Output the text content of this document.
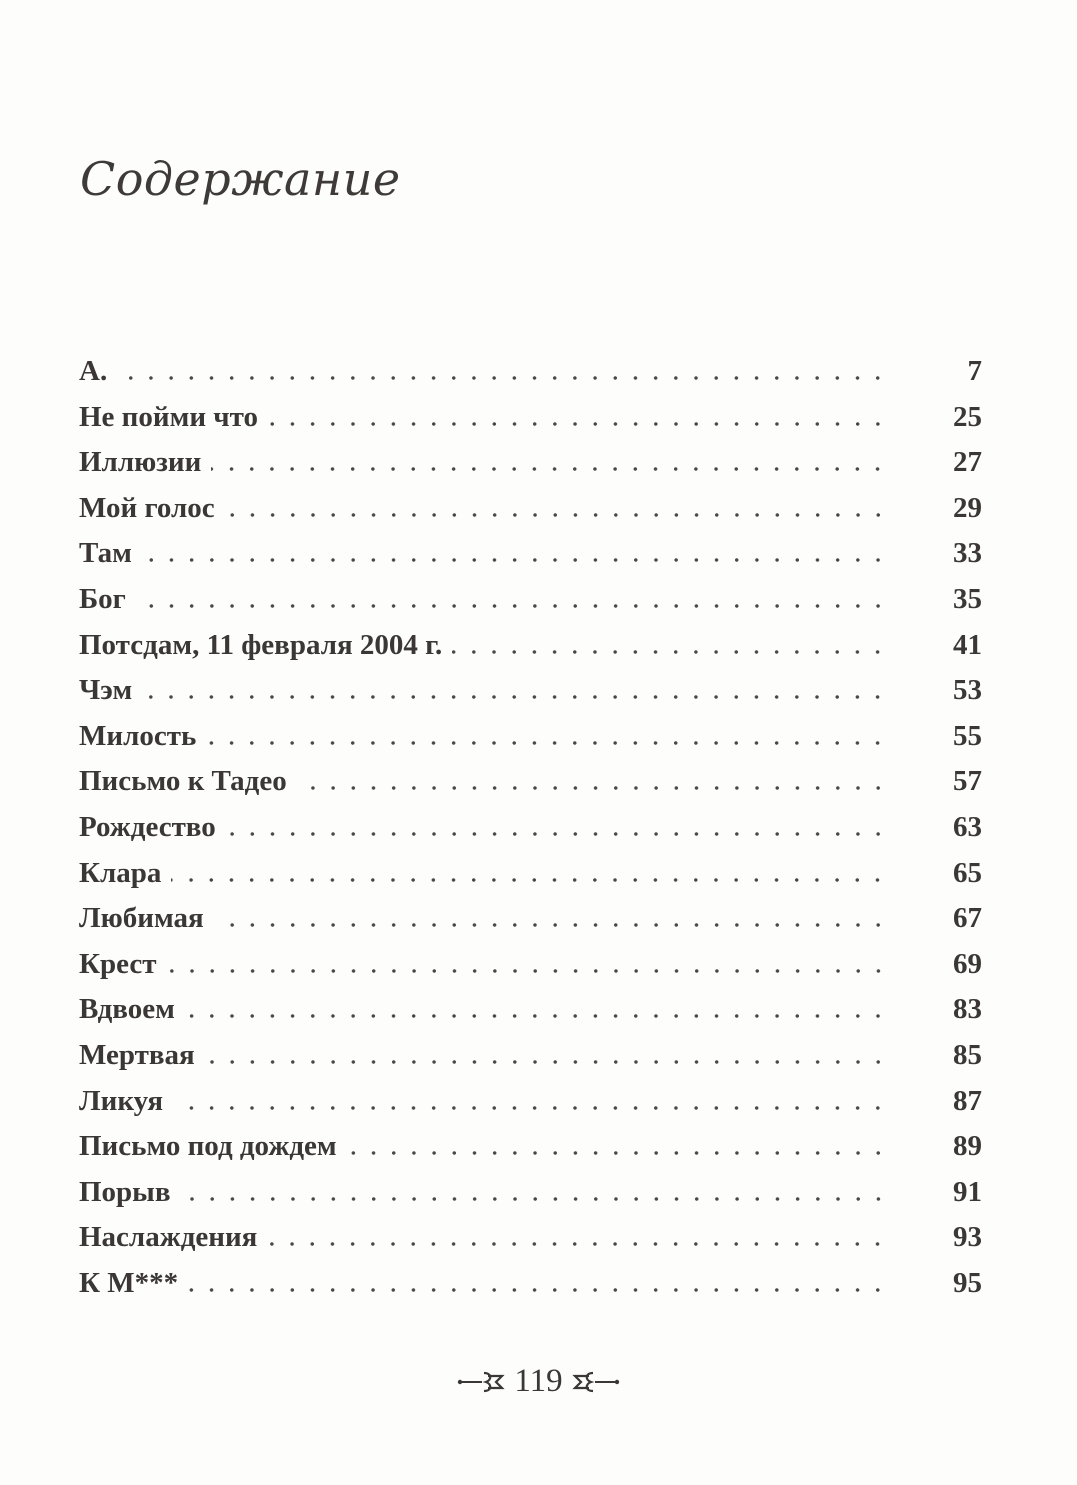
Содержание
А.	7
Не пойми что	25
Иллюзии	27
Мой голос	29
Там	33
Бог	35
Потсдам, 11 февраля 2004 г.	41
Чэм	53
Милость	55
Письмо к Тадео	57
Рождество	63
Клара	65
Любимая	67
Крест	69
Вдвоем	83
Мертвая	85
Ликуя	87
Письмо под дождем	89
Порыв	91
Наслаждения	93
К М***	95
119
